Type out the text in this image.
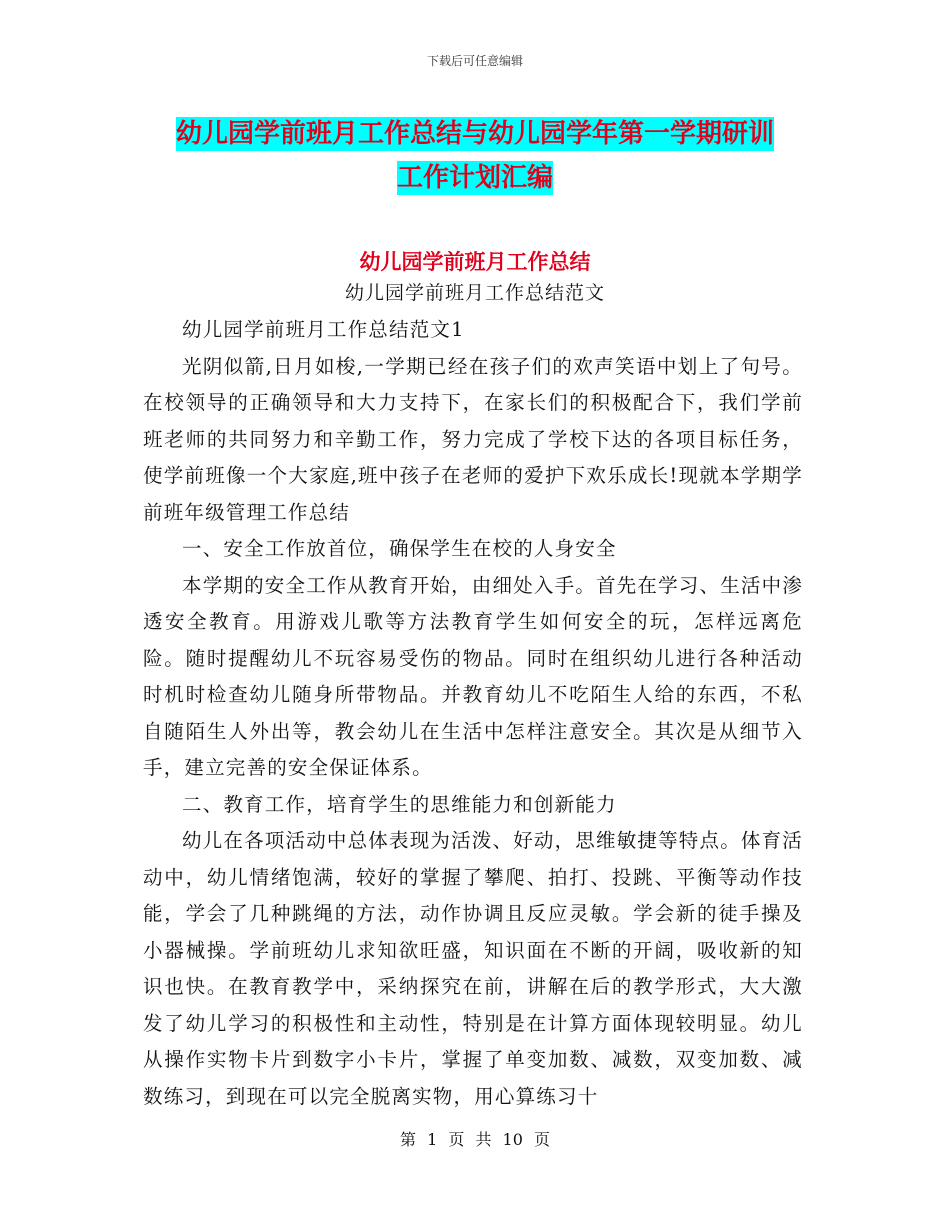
下载后可任意编辑
幼儿园学前班月工作总结与幼儿园学年第一学期研训
工作计划汇编
幼儿园学前班月工作总结
幼儿园学前班月工作总结范文

幼儿园学前班月工作总结范文1

光阴似箭,日月如梭,一学期已经在孩子们的欢声笑语中划上了句号。在校领导的正确领导和大力支持下，在家长们的积极配合下，我们学前班老师的共同努力和辛勤工作，努力完成了学校下达的各项目标任务，使学前班像一个大家庭,班中孩子在老师的爱护下欢乐成长!现就本学期学前班年级管理工作总结

一、安全工作放首位，确保学生在校的人身安全

本学期的安全工作从教育开始，由细处入手。首先在学习、生活中渗透安全教育。用游戏儿歌等方法教育学生如何安全的玩，怎样远离危险。随时提醒幼儿不玩容易受伤的物品。同时在组织幼儿进行各种活动时机时检查幼儿随身所带物品。并教育幼儿不吃陌生人给的东西，不私自随陌生人外出等，教会幼儿在生活中怎样注意安全。其次是从细节入手，建立完善的安全保证体系。

二、教育工作，培育学生的思维能力和创新能力

幼儿在各项活动中总体表现为活泼、好动，思维敏捷等特点。体育活动中，幼儿情绪饱满，较好的掌握了攀爬、拍打、投跳、平衡等动作技能，学会了几种跳绳的方法，动作协调且反应灵敏。学会新的徒手操及小器械操。学前班幼儿求知欲旺盛，知识面在不断的开阔，吸收新的知识也快。在教育教学中，采纳探究在前，讲解在后的教学形式，大大激发了幼儿学习的积极性和主动性，特别是在计算方面体现较明显。幼儿从操作实物卡片到数字小卡片，掌握了单变加数、减数，双变加数、减数练习，到现在可以完全脱离实物，用心算练习十

第 1 页 共 10 页
